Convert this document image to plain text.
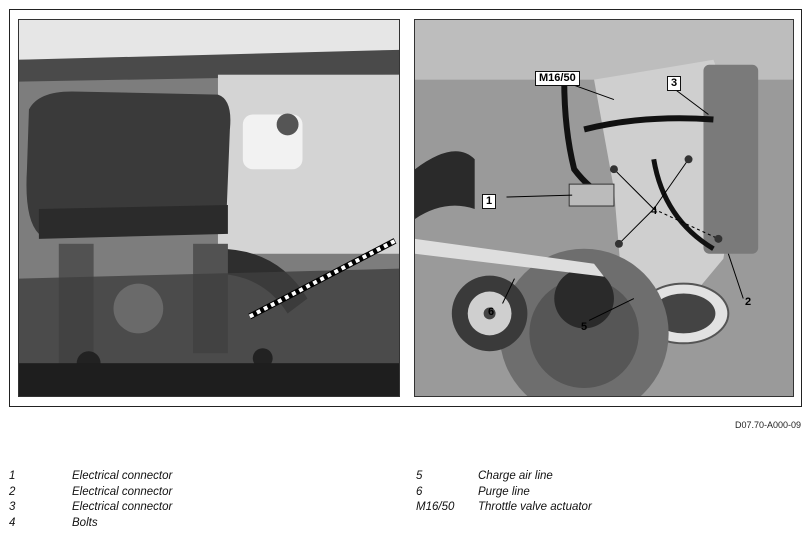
M16/50
1
2
3
4
5
6
D07.70-A000-09
1	Electrical connector
2	Electrical connector
3	Electrical connector
4	Bolts
5	Charge air line
6	Purge line
M16/50	Throttle valve actuator
